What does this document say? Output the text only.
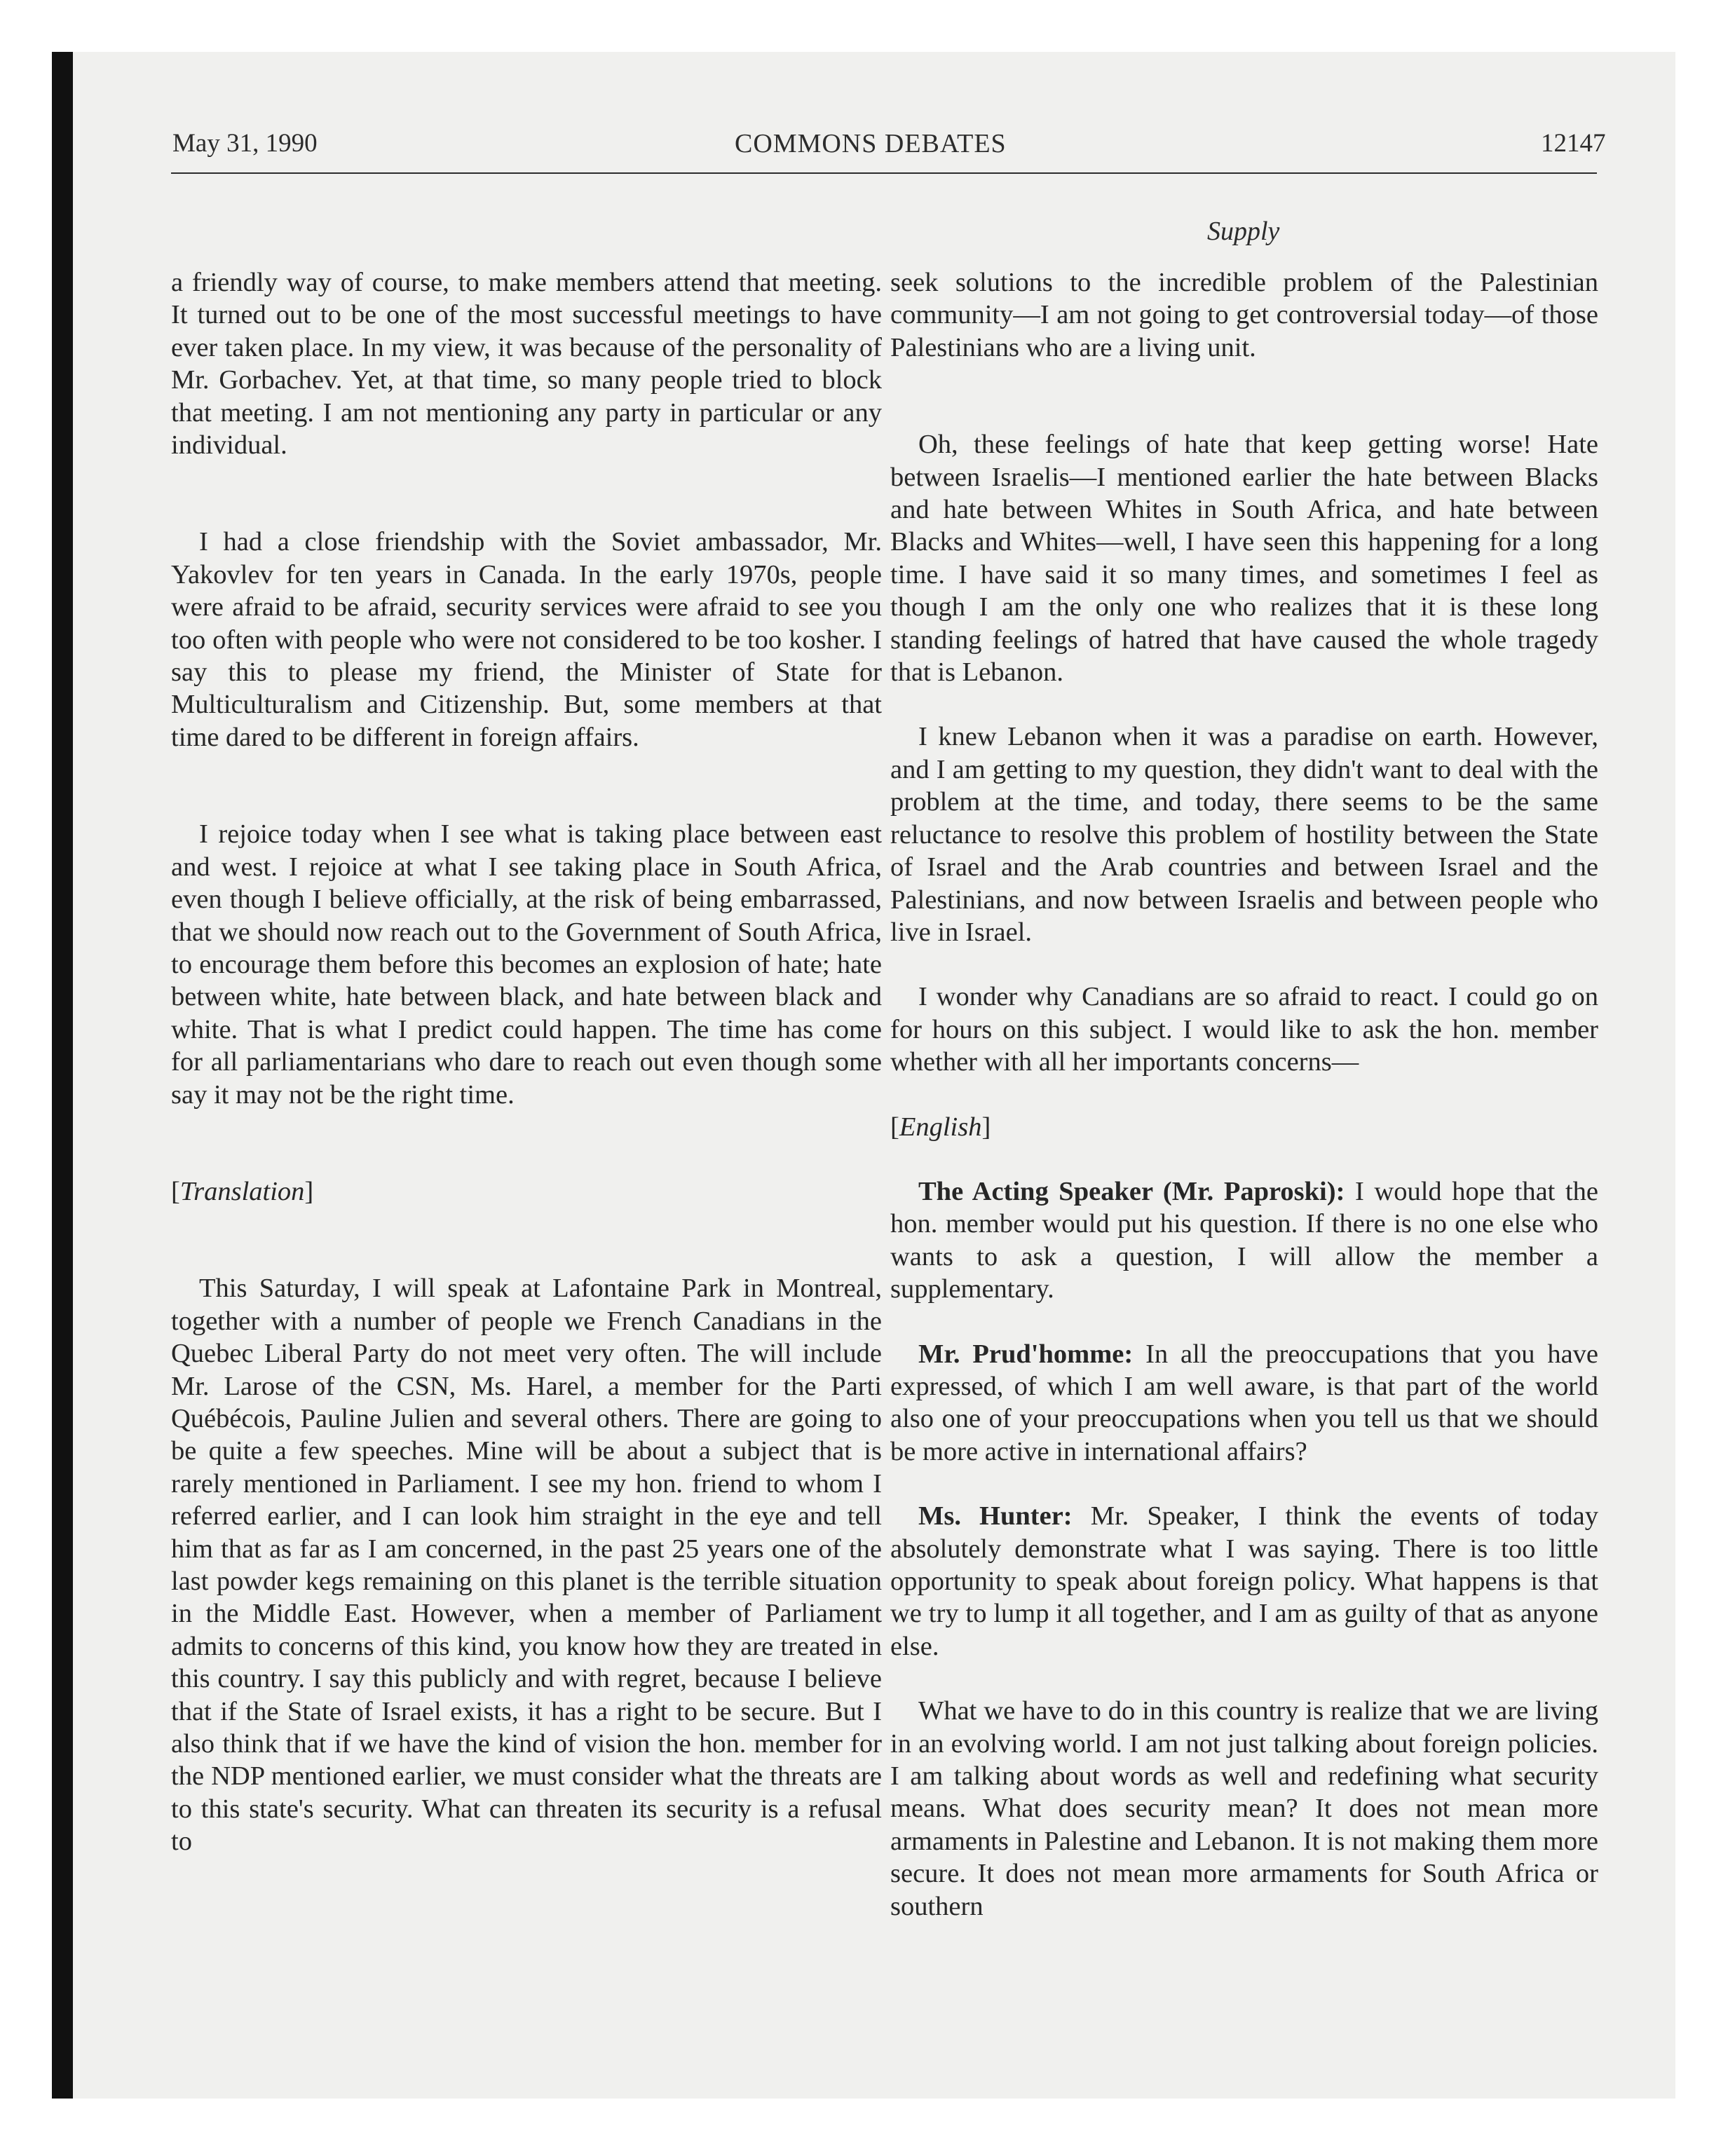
May 31, 1990	COMMONS DEBATES	12147
Supply

a friendly way of course, to make members attend that meeting. It turned out to be one of the most successful meetings to have ever taken place. In my view, it was because of the personality of Mr. Gorbachev. Yet, at that time, so many people tried to block that meeting. I am not mentioning any party in particular or any individual.

I had a close friendship with the Soviet ambassador, Mr. Yakovlev for ten years in Canada. In the early 1970s, people were afraid to be afraid, security services were afraid to see you too often with people who were not considered to be too kosher. I say this to please my friend, the Minister of State for Multiculturalism and Citizenship. But, some members at that time dared to be different in foreign affairs.

I rejoice today when I see what is taking place between east and west. I rejoice at what I see taking place in South Africa, even though I believe officially, at the risk of being embarrassed, that we should now reach out to the Government of South Africa, to encourage them before this becomes an explosion of hate; hate between white, hate between black, and hate between black and white. That is what I predict could happen. The time has come for all parliamentarians who dare to reach out even though some say it may not be the right time.

[Translation]

This Saturday, I will speak at Lafontaine Park in Montreal, together with a number of people we French Canadians in the Quebec Liberal Party do not meet very often. The will include Mr. Larose of the CSN, Ms. Harel, a member for the Parti Québécois, Pauline Julien and several others. There are going to be quite a few speeches. Mine will be about a subject that is rarely mentioned in Parliament. I see my hon. friend to whom I referred earlier, and I can look him straight in the eye and tell him that as far as I am concerned, in the past 25 years one of the last powder kegs remaining on this planet is the terrible situation in the Middle East. However, when a member of Parliament admits to concerns of this kind, you know how they are treated in this country. I say this publicly and with regret, because I believe that if the State of Israel exists, it has a right to be secure. But I also think that if we have the kind of vision the hon. member for the NDP mentioned earlier, we must consider what the threats are to this state's security. What can threaten its security is a refusal to

seek solutions to the incredible problem of the Palestinian community—I am not going to get controversial today—of those Palestinians who are a living unit.

Oh, these feelings of hate that keep getting worse! Hate between Israelis—I mentioned earlier the hate between Blacks and hate between Whites in South Africa, and hate between Blacks and Whites—well, I have seen this happening for a long time. I have said it so many times, and sometimes I feel as though I am the only one who realizes that it is these long standing feelings of hatred that have caused the whole tragedy that is Lebanon.

I knew Lebanon when it was a paradise on earth. However, and I am getting to my question, they didn't want to deal with the problem at the time, and today, there seems to be the same reluctance to resolve this problem of hostility between the State of Israel and the Arab countries and between Israel and the Palestinians, and now between Israelis and between people who live in Israel.

I wonder why Canadians are so afraid to react. I could go on for hours on this subject. I would like to ask the hon. member whether with all her importants concerns—

[English]

The Acting Speaker (Mr. Paproski): I would hope that the hon. member would put his question. If there is no one else who wants to ask a question, I will allow the member a supplementary.

Mr. Prud'homme: In all the preoccupations that you have expressed, of which I am well aware, is that part of the world also one of your preoccupations when you tell us that we should be more active in international affairs?

Ms. Hunter: Mr. Speaker, I think the events of today absolutely demonstrate what I was saying. There is too little opportunity to speak about foreign policy. What happens is that we try to lump it all together, and I am as guilty of that as anyone else.

What we have to do in this country is realize that we are living in an evolving world. I am not just talking about foreign policies. I am talking about words as well and redefining what security means. What does security mean? It does not mean more armaments in Palestine and Lebanon. It is not making them more secure. It does not mean more armaments for South Africa or southern
